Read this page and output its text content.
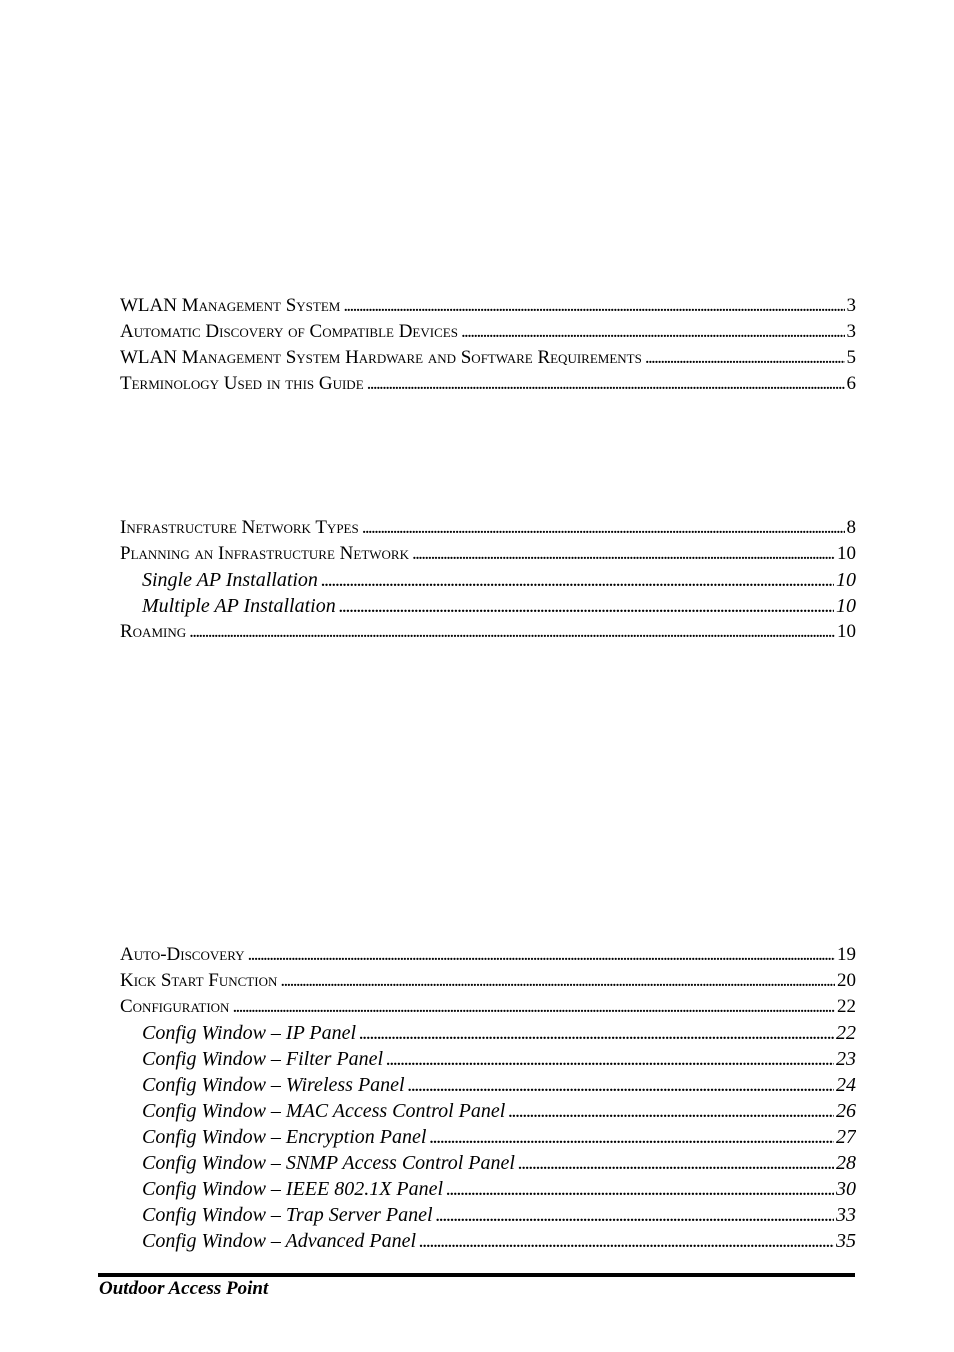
WLAN Management System . . .	3
Automatic Discovery of Compatible Devices . . .	3
WLAN Management System Hardware and Software Requirements . . .	5
Terminology Used in this Guide . . .	6
Infrastructure Network Types . . .	8
Planning an Infrastructure Network . . .	10
Single AP Installation . . .	10
Multiple AP Installation . . .	10
Roaming . . .	10
Auto-Discovery . . .	19
Kick Start Function . . .	20
Configuration . . .	22
Config Window – IP Panel . . .	22
Config Window – Filter Panel . . .	23
Config Window – Wireless Panel . . .	24
Config Window – MAC Access Control Panel . . .	26
Config Window – Encryption Panel . . .	27
Config Window – SNMP Access Control Panel . . .	28
Config Window – IEEE 802.1X Panel . . .	30
Config Window – Trap Server Panel . . .	33
Config Window – Advanced Panel . . .	35
Outdoor Access Point
